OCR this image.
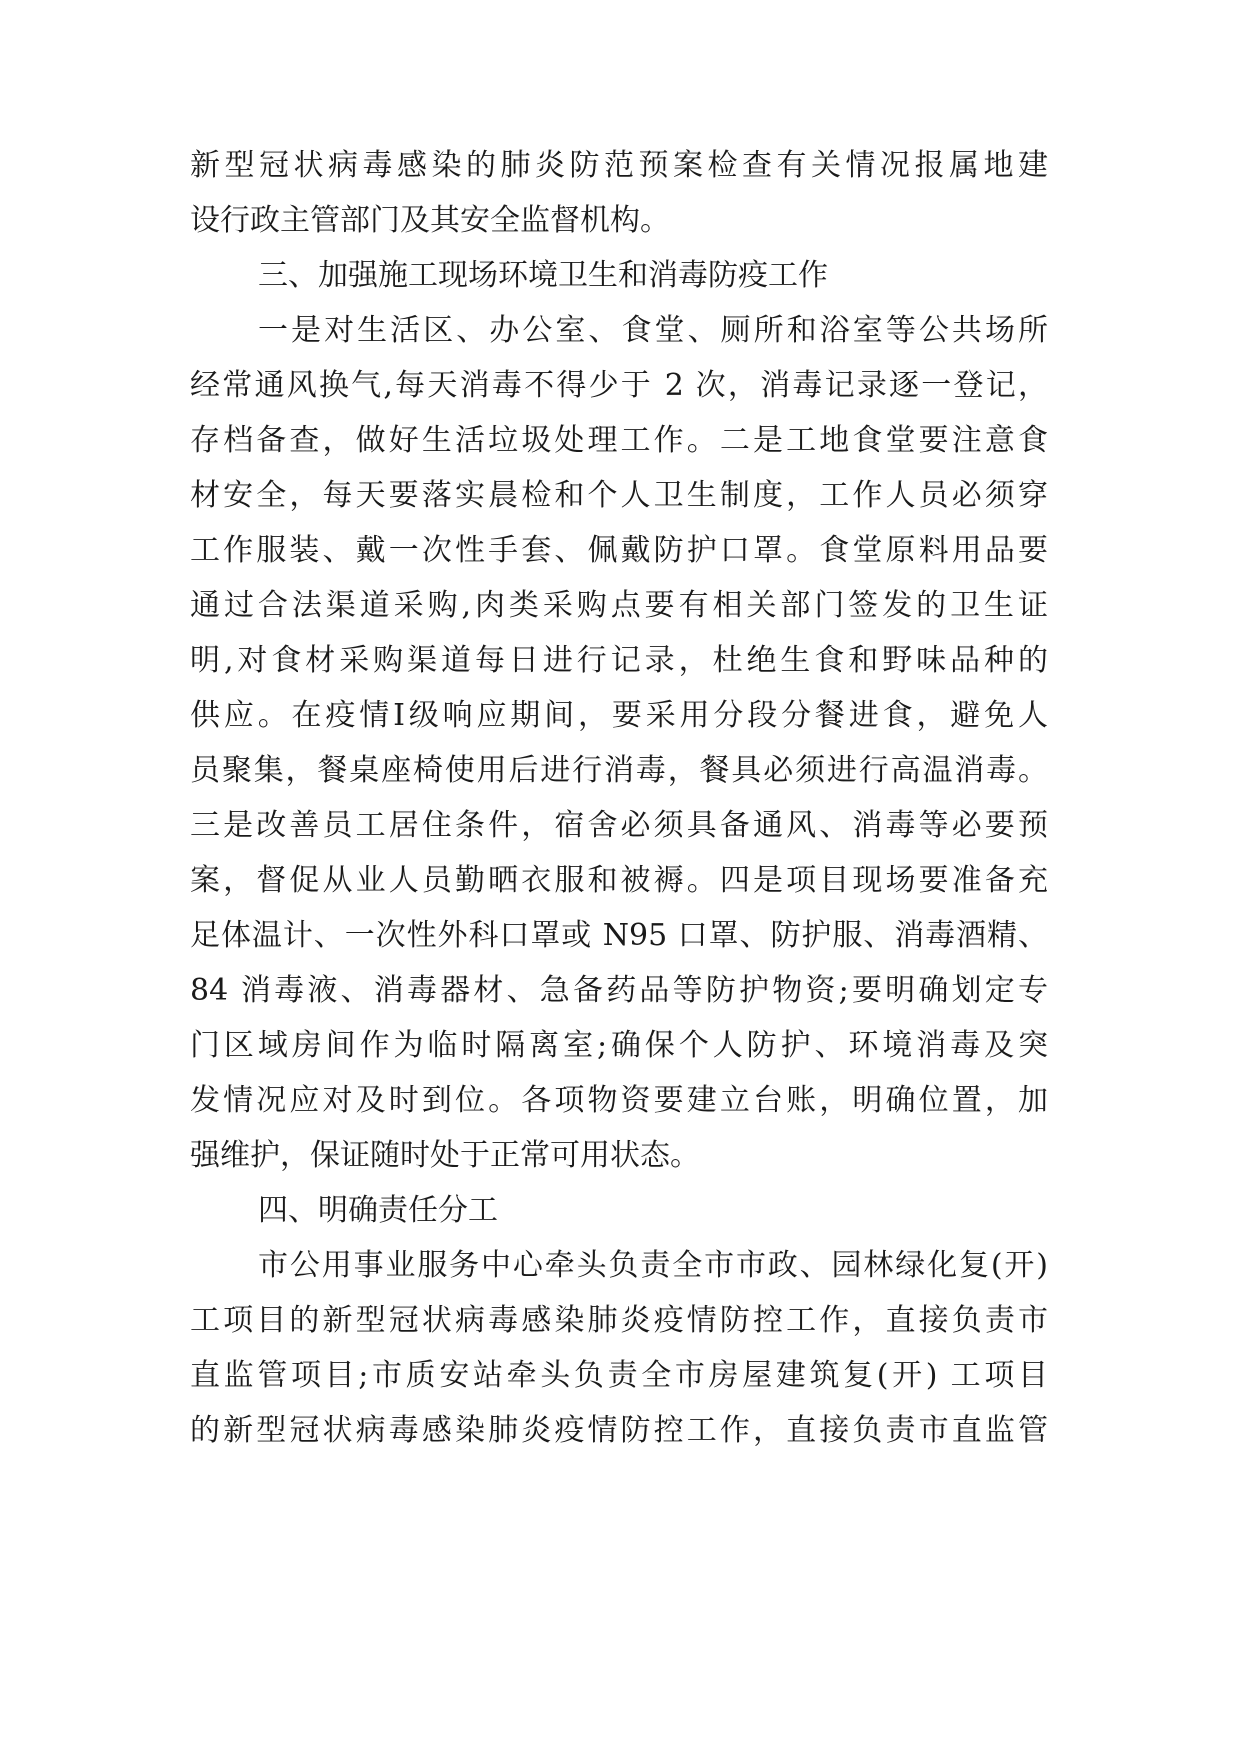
新型冠状病毒感染的肺炎防范预案检查有关情况报属地建
设行政主管部门及其安全监督机构。
三、加强施工现场环境卫生和消毒防疫工作
一是对生活区、办公室、食堂、厕所和浴室等公共场所
经常通风换气,每天消毒不得少于 2 次，消毒记录逐一登记，
存档备查，做好生活垃圾处理工作。二是工地食堂要注意食
材安全，每天要落实晨检和个人卫生制度，工作人员必须穿
工作服装、戴一次性手套、佩戴防护口罩。食堂原料用品要
通过合法渠道采购,肉类采购点要有相关部门签发的卫生证
明,对食材采购渠道每日进行记录，杜绝生食和野味品种的
供应。在疫情Ⅰ级响应期间，要采用分段分餐进食，避免人
员聚集，餐桌座椅使用后进行消毒，餐具必须进行高温消毒。
三是改善员工居住条件，宿舍必须具备通风、消毒等必要预
案，督促从业人员勤晒衣服和被褥。四是项目现场要准备充
足体温计、一次性外科口罩或 N95 口罩、防护服、消毒酒精、
84 消毒液、消毒器材、急备药品等防护物资;要明确划定专
门区域房间作为临时隔离室;确保个人防护、环境消毒及突
发情况应对及时到位。各项物资要建立台账，明确位置，加
强维护，保证随时处于正常可用状态。
四、明确责任分工
市公用事业服务中心牵头负责全市市政、园林绿化复(开)
工项目的新型冠状病毒感染肺炎疫情防控工作，直接负责市
直监管项目;市质安站牵头负责全市房屋建筑复(开) 工项目
的新型冠状病毒感染肺炎疫情防控工作，直接负责市直监管
